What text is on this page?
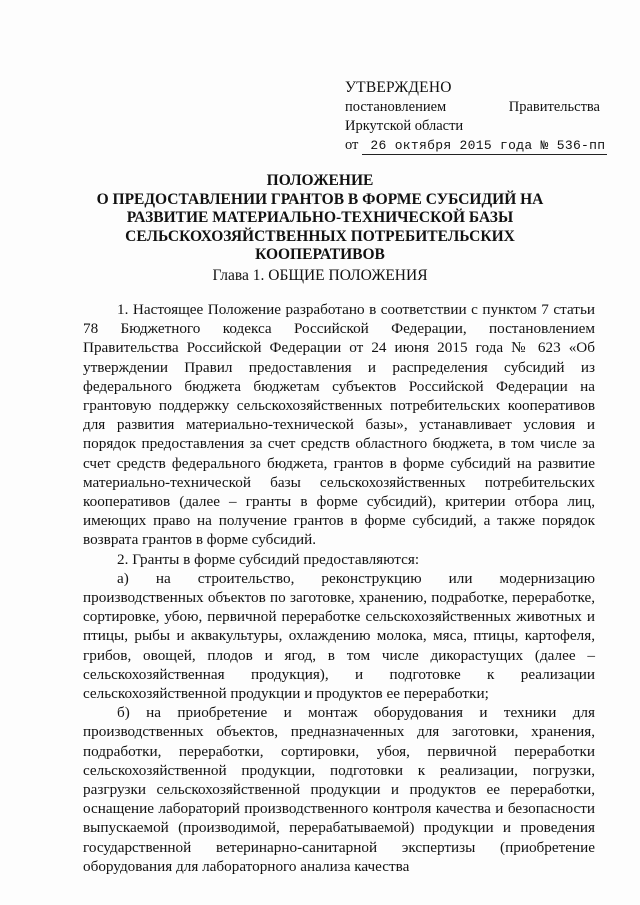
УТВЕРЖДЕНО
постановлением	Правительства
Иркутской области
от 26 октября 2015 года № 536-пп
ПОЛОЖЕНИЕ
О ПРЕДОСТАВЛЕНИИ ГРАНТОВ В ФОРМЕ СУБСИДИЙ НА
РАЗВИТИЕ МАТЕРИАЛЬНО-ТЕХНИЧЕСКОЙ БАЗЫ
СЕЛЬСКОХОЗЯЙСТВЕННЫХ ПОТРЕБИТЕЛЬСКИХ
КООПЕРАТИВОВ
Глава 1. ОБЩИЕ ПОЛОЖЕНИЯ

1. Настоящее Положение разработано в соответствии с пунктом 7 статьи 78 Бюджетного кодекса Российской Федерации, постановлением Правительства Российской Федерации от 24 июня 2015 года № 623 «Об утверждении Правил предоставления и распределения субсидий из федерального бюджета бюджетам субъектов Российской Федерации на грантовую поддержку сельскохозяйственных потребительских кооперативов для развития материально-технической базы», устанавливает условия и порядок предоставления за счет средств областного бюджета, в том числе за счет средств федерального бюджета, грантов в форме субсидий на развитие материально-технической базы сельскохозяйственных потребительских кооперативов (далее – гранты в форме субсидий), критерии отбора лиц, имеющих право на получение грантов в форме субсидий, а также порядок возврата грантов в форме субсидий.

2. Гранты в форме субсидий предоставляются:

а) на строительство, реконструкцию или модернизацию производственных объектов по заготовке, хранению, подработке, переработке, сортировке, убою, первичной переработке сельскохозяйственных животных и птицы, рыбы и аквакультуры, охлаждению молока, мяса, птицы, картофеля, грибов, овощей, плодов и ягод, в том числе дикорастущих (далее – сельскохозяйственная продукция), и подготовке к реализации сельскохозяйственной продукции и продуктов ее переработки;

б) на приобретение и монтаж оборудования и техники для производственных объектов, предназначенных для заготовки, хранения, подработки, переработки, сортировки, убоя, первичной переработки сельскохозяйственной продукции, подготовки к реализации, погрузки, разгрузки сельскохозяйственной продукции и продуктов ее переработки, оснащение лабораторий производственного контроля качества и безопасности выпускаемой (производимой, перерабатываемой) продукции и проведения государственной ветеринарно-санитарной экспертизы (приобретение оборудования для лабораторного анализа качества
